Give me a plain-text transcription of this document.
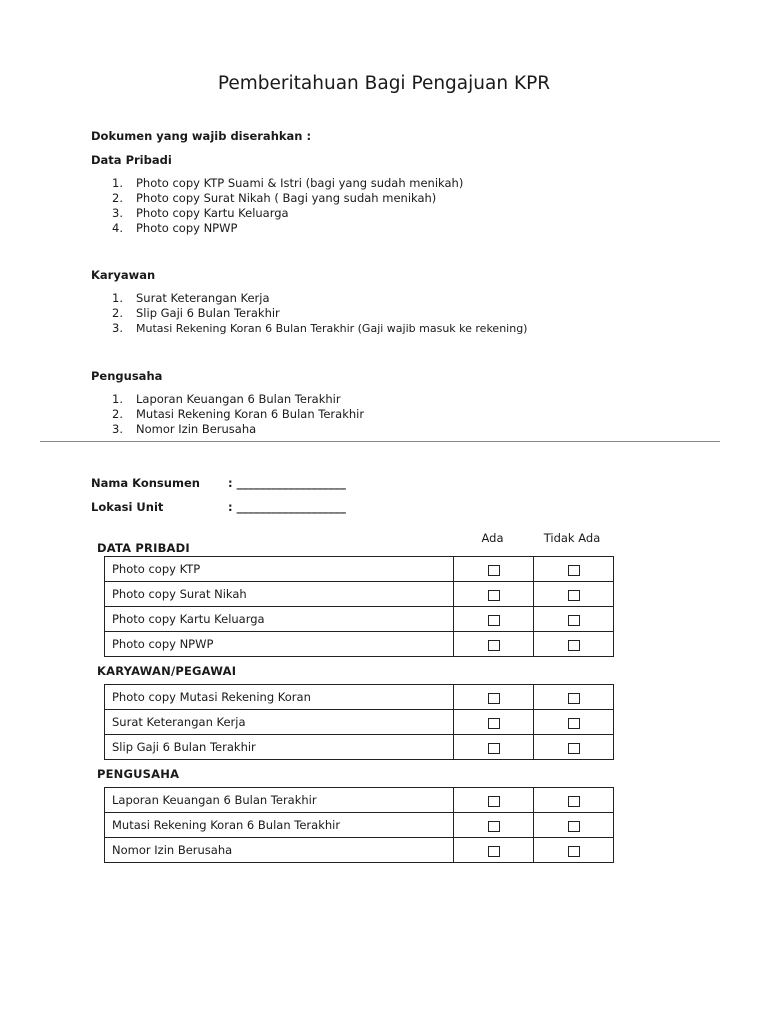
Pemberitahuan Bagi Pengajuan KPR
Dokumen yang wajib diserahkan :
Data Pribadi
1.	Photo copy KTP Suami & Istri (bagi yang sudah menikah)
2.	Photo copy Surat Nikah ( Bagi yang sudah menikah)
3.	Photo copy Kartu Keluarga
4.	Photo copy NPWP
Karyawan
1.	Surat Keterangan Kerja
2.	Slip Gaji 6 Bulan Terakhir
3.	Mutasi Rekening Koran 6 Bulan Terakhir (Gaji wajib masuk ke rekening)
Pengusaha
1.	Laporan Keuangan 6 Bulan Terakhir
2.	Mutasi Rekening Koran 6 Bulan Terakhir
3.	Nomor Izin Berusaha
Nama Konsumen : ___________________
Lokasi Unit	: ___________________
Ada	Tidak Ada
DATA PRIBADI
Photo copy KTP		
Photo copy Surat Nikah		
Photo copy Kartu Keluarga		
Photo copy NPWP		
KARYAWAN/PEGAWAI
Photo copy Mutasi Rekening Koran		
Surat Keterangan Kerja		
Slip Gaji 6 Bulan Terakhir		
PENGUSAHA
Laporan Keuangan 6 Bulan Terakhir		
Mutasi Rekening Koran 6 Bulan Terakhir		
Nomor Izin Berusaha		
